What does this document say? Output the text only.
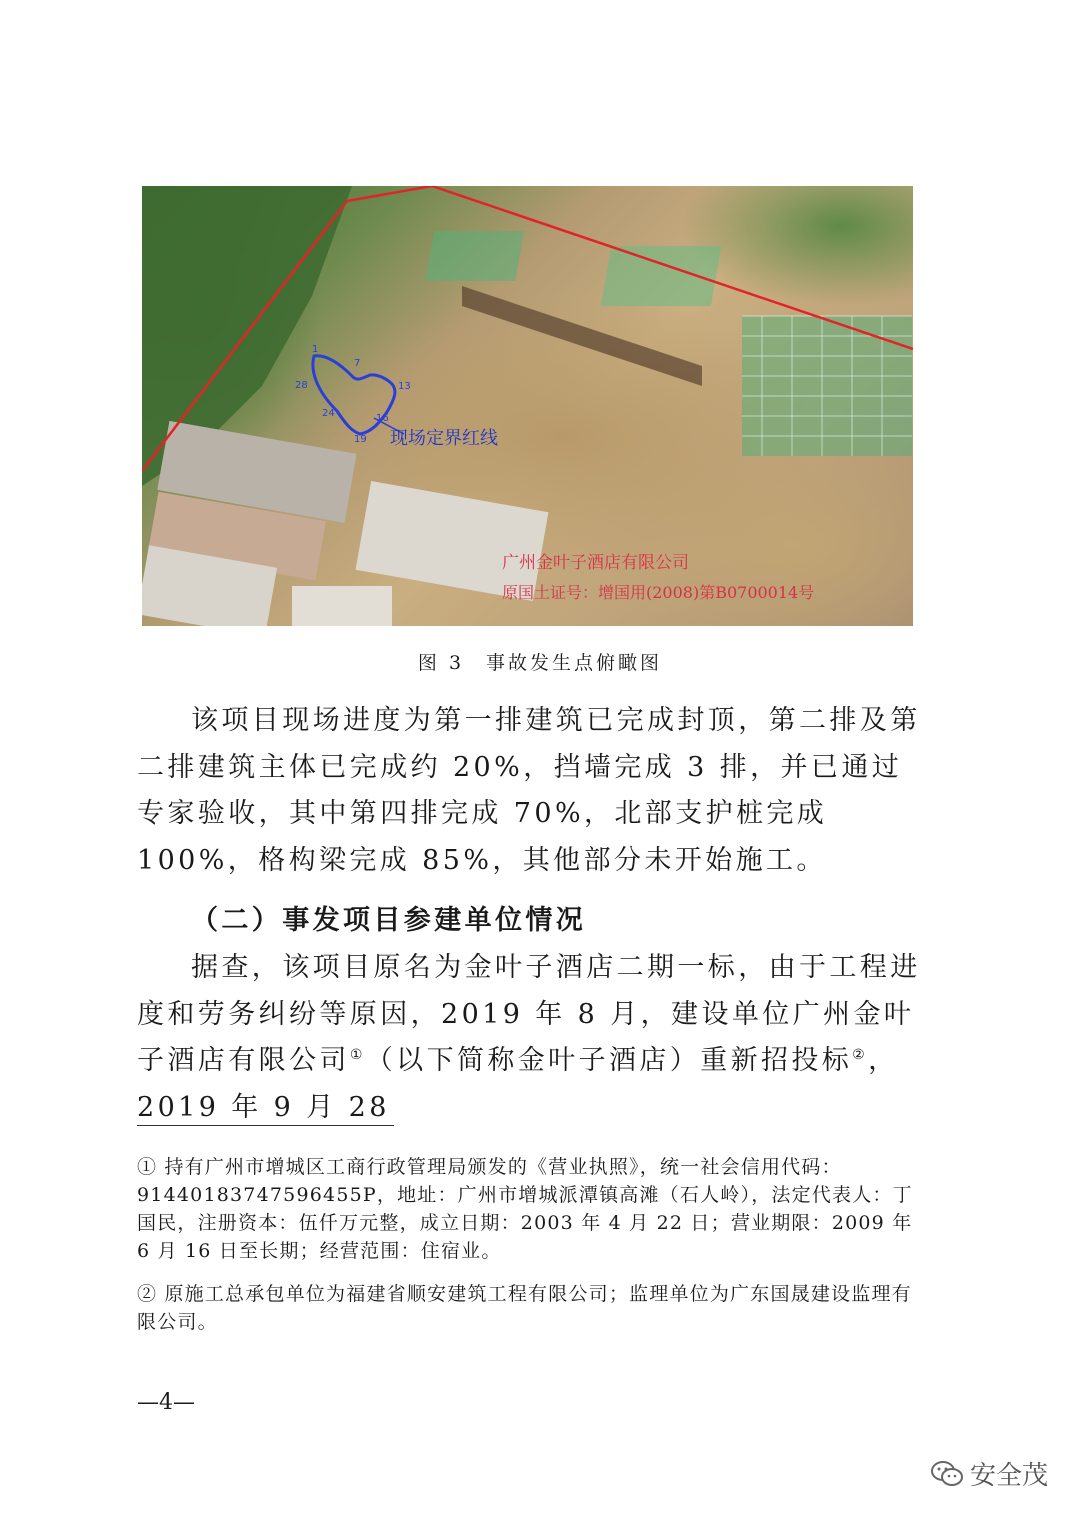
1
7
28	13
24	16
19 现场定界红线
广州金叶子酒店有限公司
原国土证号：增国用(2008)第B0700014号
图 3　事故发生点俯瞰图

该项目现场进度为第一排建筑已完成封顶，第二排及第二排建筑主体已完成约 20%，挡墙完成 3 排，并已通过专家验收，其中第四排完成 70%，北部支护桩完成 100%，格构梁完成 85%，其他部分未开始施工。

（二）事发项目参建单位情况

据查，该项目原名为金叶子酒店二期一标，由于工程进度和劳务纠纷等原因，2019 年 8 月，建设单位广州金叶子酒店有限公司①（以下简称金叶子酒店）重新招投标②，2019 年 9 月 28

① 持有广州市增城区工商行政管理局颁发的《营业执照》，统一社会信用代码：91440183747596455P，地址：广州市增城派潭镇高滩（石人岭），法定代表人：丁国民，注册资本：伍仟万元整，成立日期：2003 年 4 月 22 日；营业期限：2009 年 6 月 16 日至长期；经营范围：住宿业。

② 原施工总承包单位为福建省顺安建筑工程有限公司；监理单位为广东国晟建设监理有限公司。

—4—
安全茂
